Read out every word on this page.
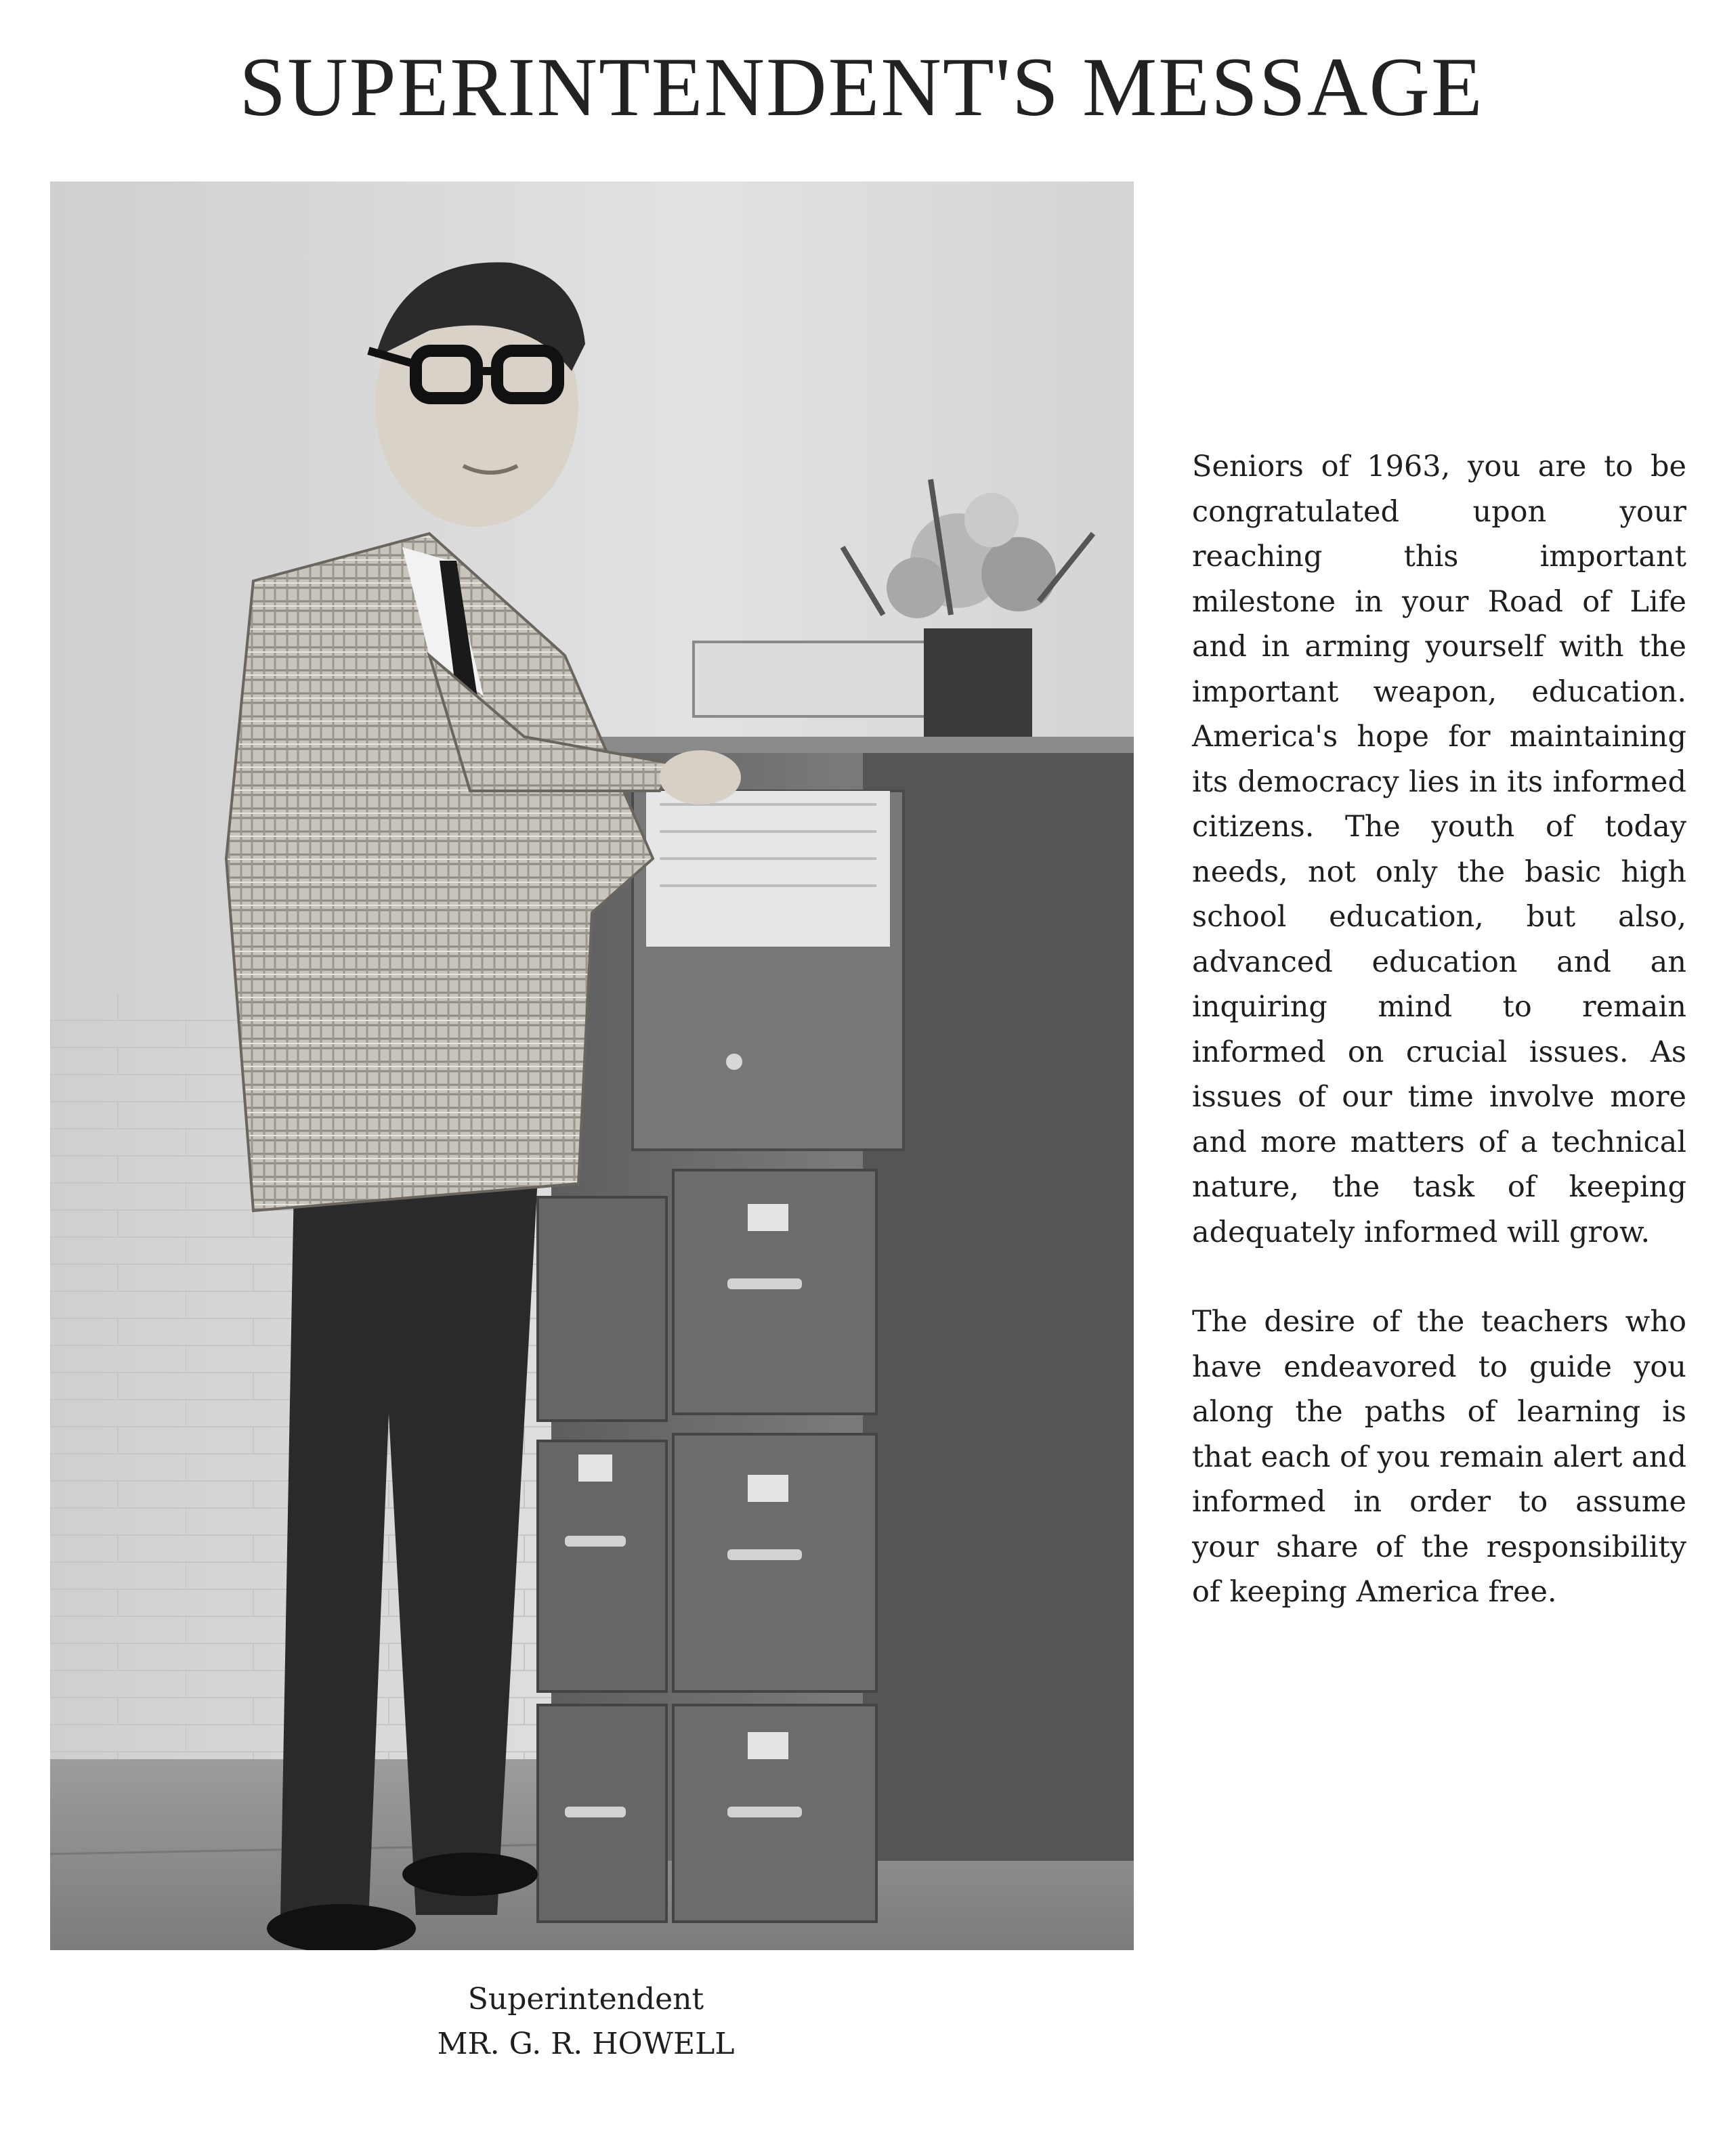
SUPERINTENDENT'S MESSAGE

Seniors of 1963, you are to be congratulated upon your reaching this important milestone in your Road of Life and in arming yourself with the important weapon, education. America's hope for maintaining its democracy lies in its informed citizens. The youth of today needs, not only the basic high school education, but also, advanced education and an inquiring mind to remain informed on crucial issues. As issues of our time involve more and more matters of a technical nature, the task of keeping adequately informed will grow.

The desire of the teachers who have endeavored to guide you along the paths of learning is that each of you remain alert and informed in order to assume your share of the responsibility of keeping America free.

Superintendent
MR. G. R. HOWELL
